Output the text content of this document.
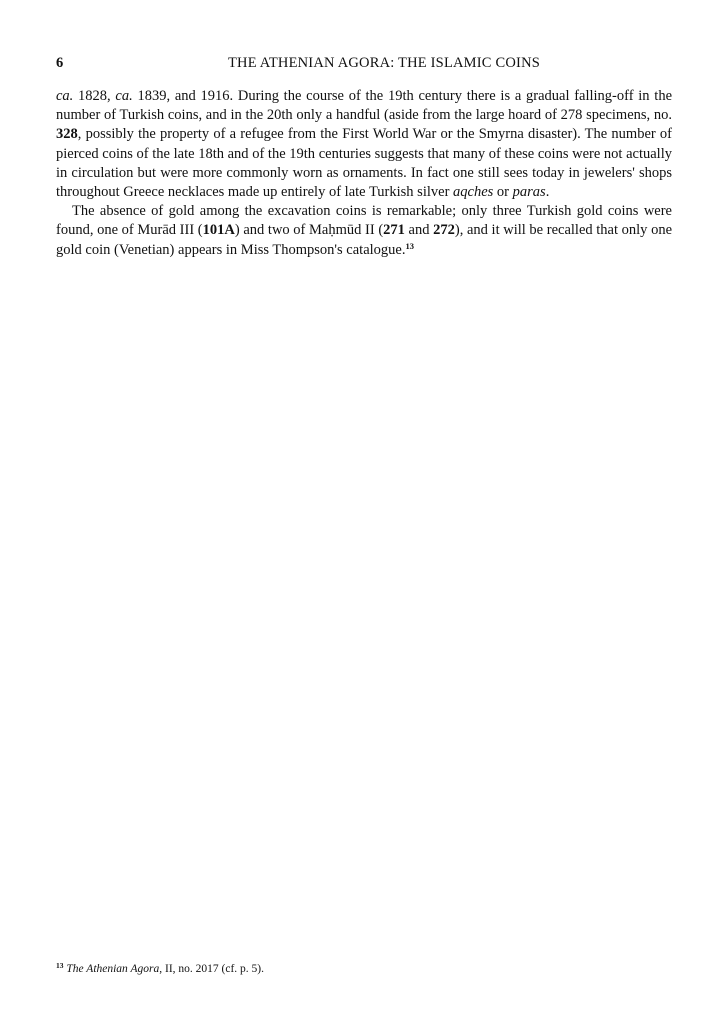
6	THE ATHENIAN AGORA: THE ISLAMIC COINS

ca. 1828, ca. 1839, and 1916. During the course of the 19th century there is a gradual falling-off in the number of Turkish coins, and in the 20th only a handful (aside from the large hoard of 278 specimens, no. 328, possibly the property of a refugee from the First World War or the Smyrna disaster). The number of pierced coins of the late 18th and of the 19th centuries suggests that many of these coins were not actually in circulation but were more commonly worn as ornaments. In fact one still sees today in jewelers' shops throughout Greece necklaces made up entirely of late Turkish silver aqches or paras.

The absence of gold among the excavation coins is remarkable; only three Turkish gold coins were found, one of Murād III (101A) and two of Maḥmūd II (271 and 272), and it will be recalled that only one gold coin (Venetian) appears in Miss Thompson's catalogue.$^{13}$

$^{13}$ The Athenian Agora, II, no. 2017 (cf. p. 5).
